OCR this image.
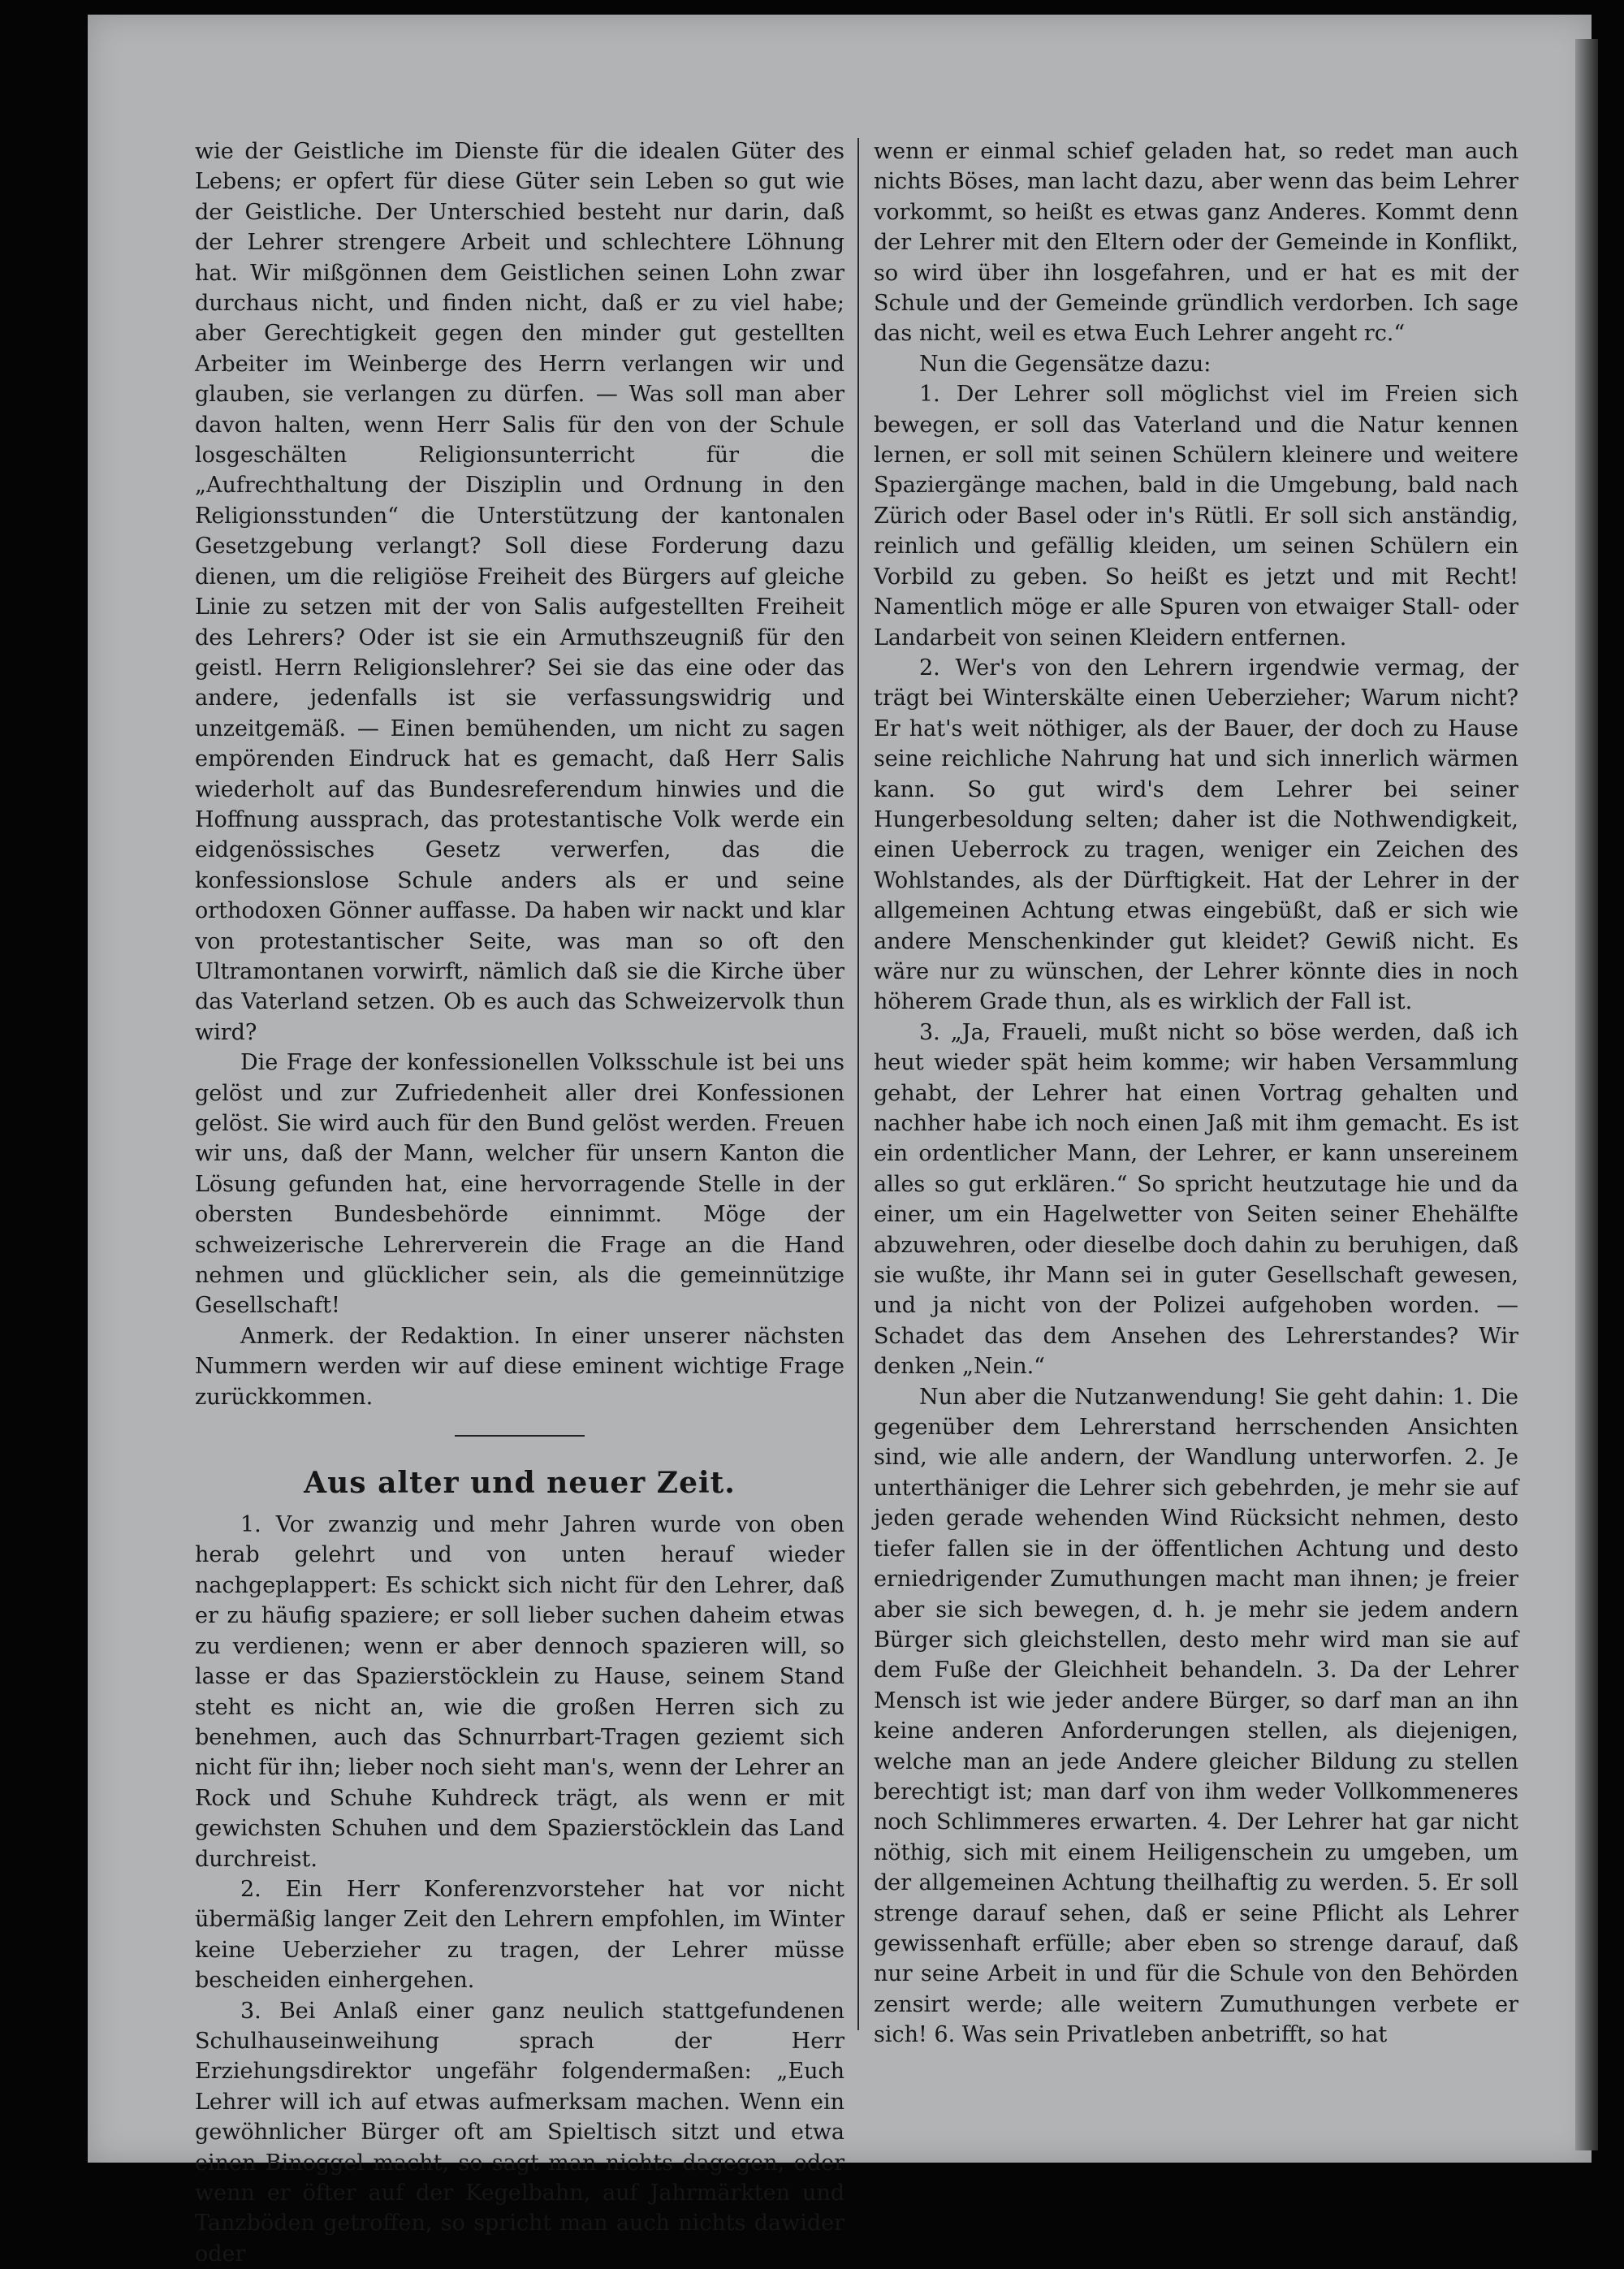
wie der Geistliche im Dienste für die idealen Güter des Lebens; er opfert für diese Güter sein Leben so gut wie der Geistliche. Der Unterschied besteht nur darin, daß der Lehrer strengere Arbeit und schlechtere Löhnung hat. Wir mißgönnen dem Geistlichen seinen Lohn zwar durchaus nicht, und finden nicht, daß er zu viel habe; aber Gerechtigkeit gegen den minder gut gestellten Arbeiter im Weinberge des Herrn verlangen wir und glauben, sie verlangen zu dürfen. — Was soll man aber davon halten, wenn Herr Salis für den von der Schule losgeschälten Religionsunterricht für die „Aufrechthaltung der Disziplin und Ordnung in den Religionsstunden“ die Unterstützung der kantonalen Gesetzgebung verlangt? Soll diese Forderung dazu dienen, um die religiöse Freiheit des Bürgers auf gleiche Linie zu setzen mit der von Salis aufgestellten Freiheit des Lehrers? Oder ist sie ein Armuthszeugniß für den geistl. Herrn Religionslehrer? Sei sie das eine oder das andere, jedenfalls ist sie verfassungswidrig und unzeitgemäß. — Einen bemühenden, um nicht zu sagen empörenden Eindruck hat es gemacht, daß Herr Salis wiederholt auf das Bundesreferendum hinwies und die Hoffnung aussprach, das protestantische Volk werde ein eidgenössisches Gesetz verwerfen, das die konfessionslose Schule anders als er und seine orthodoxen Gönner auffasse. Da haben wir nackt und klar von protestantischer Seite, was man so oft den Ultramontanen vorwirft, nämlich daß sie die Kirche über das Vaterland setzen. Ob es auch das Schweizervolk thun wird?

Die Frage der konfessionellen Volksschule ist bei uns gelöst und zur Zufriedenheit aller drei Konfessionen gelöst. Sie wird auch für den Bund gelöst werden. Freuen wir uns, daß der Mann, welcher für unsern Kanton die Lösung gefunden hat, eine hervorragende Stelle in der obersten Bundesbehörde einnimmt. Möge der schweizerische Lehrerverein die Frage an die Hand nehmen und glücklicher sein, als die gemeinnützige Gesellschaft!

Anmerk. der Redaktion. In einer unserer nächsten Nummern werden wir auf diese eminent wichtige Frage zurückkommen.

Aus alter und neuer Zeit.

1. Vor zwanzig und mehr Jahren wurde von oben herab gelehrt und von unten herauf wieder nachgeplappert: Es schickt sich nicht für den Lehrer, daß er zu häufig spaziere; er soll lieber suchen daheim etwas zu verdienen; wenn er aber dennoch spazieren will, so lasse er das Spazierstöcklein zu Hause, seinem Stand steht es nicht an, wie die großen Herren sich zu benehmen, auch das Schnurrbart-Tragen geziemt sich nicht für ihn; lieber noch sieht man's, wenn der Lehrer an Rock und Schuhe Kuhdreck trägt, als wenn er mit gewichsten Schuhen und dem Spazierstöcklein das Land durchreist.

2. Ein Herr Konferenzvorsteher hat vor nicht übermäßig langer Zeit den Lehrern empfohlen, im Winter keine Ueberzieher zu tragen, der Lehrer müsse bescheiden einhergehen.

3. Bei Anlaß einer ganz neulich stattgefundenen Schulhauseinweihung sprach der Herr Erziehungsdirektor ungefähr folgendermaßen: „Euch Lehrer will ich auf etwas aufmerksam machen. Wenn ein gewöhnlicher Bürger oft am Spieltisch sitzt und etwa einen Binoggel macht, so sagt man nichts dagegen, oder wenn er öfter auf der Kegelbahn, auf Jahrmärkten und Tanzböden getroffen, so spricht man auch nichts dawider oder

wenn er einmal schief geladen hat, so redet man auch nichts Böses, man lacht dazu, aber wenn das beim Lehrer vorkommt, so heißt es etwas ganz Anderes. Kommt denn der Lehrer mit den Eltern oder der Gemeinde in Konflikt, so wird über ihn losgefahren, und er hat es mit der Schule und der Gemeinde gründlich verdorben. Ich sage das nicht, weil es etwa Euch Lehrer angeht rc.“

Nun die Gegensätze dazu:

1. Der Lehrer soll möglichst viel im Freien sich bewegen, er soll das Vaterland und die Natur kennen lernen, er soll mit seinen Schülern kleinere und weitere Spaziergänge machen, bald in die Umgebung, bald nach Zürich oder Basel oder in's Rütli. Er soll sich anständig, reinlich und gefällig kleiden, um seinen Schülern ein Vorbild zu geben. So heißt es jetzt und mit Recht! Namentlich möge er alle Spuren von etwaiger Stall- oder Landarbeit von seinen Kleidern entfernen.

2. Wer's von den Lehrern irgendwie vermag, der trägt bei Winterskälte einen Ueberzieher; Warum nicht? Er hat's weit nöthiger, als der Bauer, der doch zu Hause seine reichliche Nahrung hat und sich innerlich wärmen kann. So gut wird's dem Lehrer bei seiner Hungerbesoldung selten; daher ist die Nothwendigkeit, einen Ueberrock zu tragen, weniger ein Zeichen des Wohlstandes, als der Dürftigkeit. Hat der Lehrer in der allgemeinen Achtung etwas eingebüßt, daß er sich wie andere Menschenkinder gut kleidet? Gewiß nicht. Es wäre nur zu wünschen, der Lehrer könnte dies in noch höherem Grade thun, als es wirklich der Fall ist.

3. „Ja, Fraueli, mußt nicht so böse werden, daß ich heut wieder spät heim komme; wir haben Versammlung gehabt, der Lehrer hat einen Vortrag gehalten und nachher habe ich noch einen Jaß mit ihm gemacht. Es ist ein ordentlicher Mann, der Lehrer, er kann unsereinem alles so gut erklären.“ So spricht heutzutage hie und da einer, um ein Hagelwetter von Seiten seiner Ehehälfte abzuwehren, oder dieselbe doch dahin zu beruhigen, daß sie wußte, ihr Mann sei in guter Gesellschaft gewesen, und ja nicht von der Polizei aufgehoben worden. — Schadet das dem Ansehen des Lehrerstandes? Wir denken „Nein.“

Nun aber die Nutzanwendung! Sie geht dahin: 1. Die gegenüber dem Lehrerstand herrschenden Ansichten sind, wie alle andern, der Wandlung unterworfen. 2. Je unterthäniger die Lehrer sich gebehrden, je mehr sie auf jeden gerade wehenden Wind Rücksicht nehmen, desto tiefer fallen sie in der öffentlichen Achtung und desto erniedrigender Zumuthungen macht man ihnen; je freier aber sie sich bewegen, d. h. je mehr sie jedem andern Bürger sich gleichstellen, desto mehr wird man sie auf dem Fuße der Gleichheit behandeln. 3. Da der Lehrer Mensch ist wie jeder andere Bürger, so darf man an ihn keine anderen Anforderungen stellen, als diejenigen, welche man an jede Andere gleicher Bildung zu stellen berechtigt ist; man darf von ihm weder Vollkommeneres noch Schlimmeres erwarten. 4. Der Lehrer hat gar nicht nöthig, sich mit einem Heiligenschein zu umgeben, um der allgemeinen Achtung theilhaftig zu werden. 5. Er soll strenge darauf sehen, daß er seine Pflicht als Lehrer gewissenhaft erfülle; aber eben so strenge darauf, daß nur seine Arbeit in und für die Schule von den Behörden zensirt werde; alle weitern Zumuthungen verbete er sich! 6. Was sein Privatleben anbetrifft, so hat
